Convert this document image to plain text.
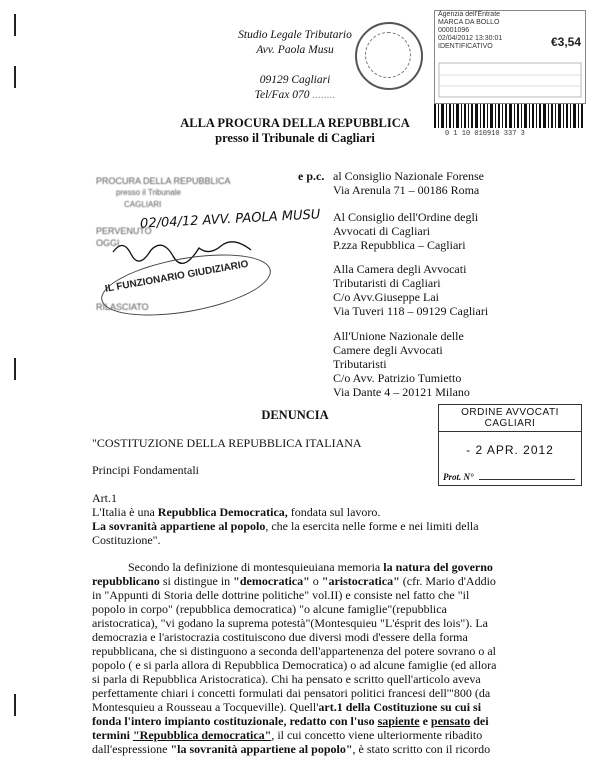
Studio Legale Tributario
Avv. Paola Musu

09129 Cagliari
Tel/Fax 070 ........
Agenzia dell'Entrate
MARCA DA BOLLO
00001096
02/04/2012 13:30:01
IDENTIFICATIVO	€3,54
0 1 10 010910 337 3
ALLA PROCURA DELLA REPUBBLICA
presso il Tribunale di Cagliari
PROCURA DELLA REPUBBLICA
presso il Tribunale
CAGLIARI
PERVENUTO
OGGI
RILASCIATO
02/04/12 AVV. PAOLA MUSU
IL FUNZIONARIO GIUDIZIARIO
e p.c. al Consiglio Nazionale Forense
Via Arenula 71 – 00186 Roma
Al Consiglio dell'Ordine degli
Avvocati di Cagliari
P.zza Repubblica – Cagliari
Alla Camera degli Avvocati
Tributaristi di Cagliari
C/o Avv.Giuseppe Lai
Via Tuveri 118 – 09129 Cagliari
All'Unione Nazionale delle
Camere degli Avvocati
Tributaristi
C/o Avv. Patrizio Tumietto
Via Dante 4 – 20121 Milano
DENUNCIA	ORDINE AVVOCATI
CAGLIARI
- 2 APR. 2012
Prot. N°
"COSTITUZIONE DELLA REPUBBLICA ITALIANA
Principi Fondamentali
Art.1
L'Italia è una Repubblica Democratica, fondata sul lavoro.
La sovranità appartiene al popolo, che la esercita nelle forme e nei limiti della
Costituzione".
Secondo la definizione di montesquieuiana memoria la natura del governo
repubblicano si distingue in "democratica" o "aristocratica" (cfr. Mario d'Addio
in "Appunti di Storia delle dottrine politiche" vol.II) e consiste nel fatto che "il
popolo in corpo" (repubblica democratica) "o alcune famiglie"(repubblica
aristocratica), "vi godano la suprema potestà"(Montesquieu "L'ésprit des lois"). La
democrazia e l'aristocrazia costituiscono due diversi modi d'essere della forma
repubblicana, che si distinguono a seconda dell'appartenenza del potere sovrano o al
popolo ( e si parla allora di Repubblica Democratica) o ad alcune famiglie (ed allora
si parla di Repubblica Aristocratica). Chi ha pensato e scritto quell'articolo aveva
perfettamente chiari i concetti formulati dai pensatori politici francesi dell'"800 (da
Montesquieu a Rousseau a Tocqueville). Quell'art.1 della Costituzione su cui si
fonda l'intero impianto costituzionale, redatto con l'uso sapiente e pensato dei
termini "Repubblica democratica", il cui concetto viene ulteriormente ribadito
dall'espressione "la sovranità appartiene al popolo", è stato scritto con il ricordo
